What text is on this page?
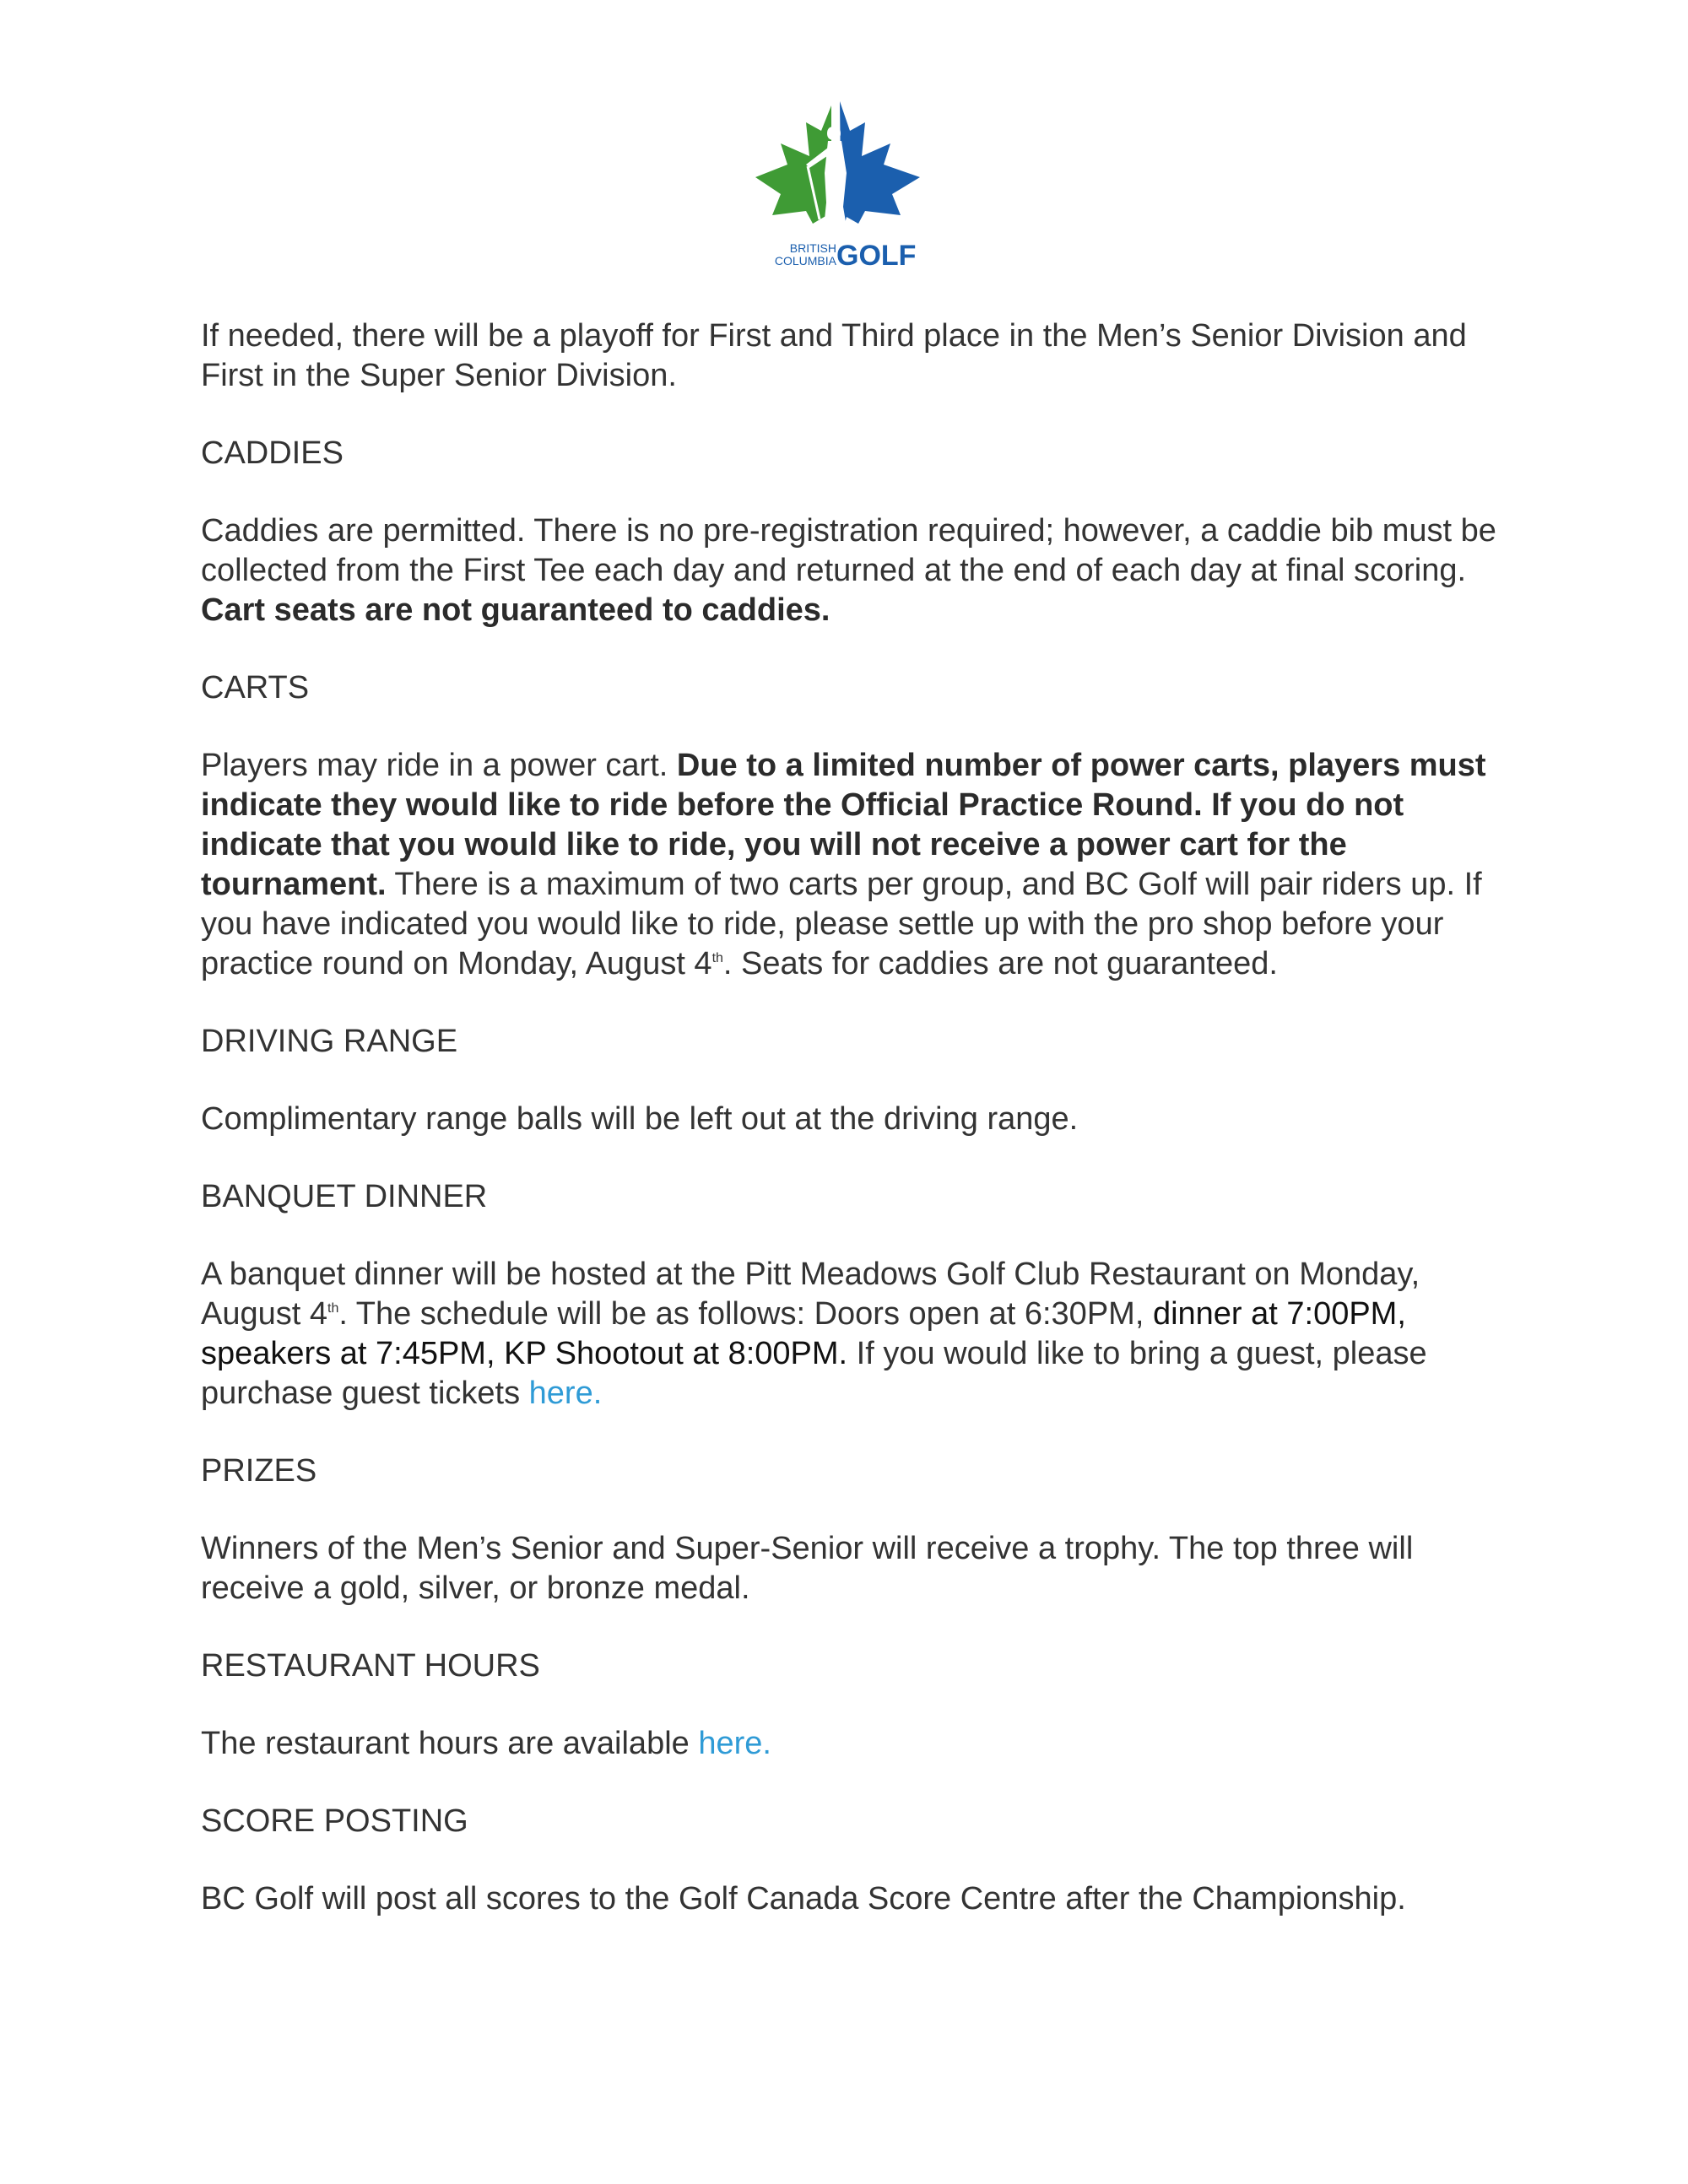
BRITISH
COLUMBIA GOLF

If needed, there will be a playoff for First and Third place in the Men’s Senior Division and First in the Super Senior Division.

CADDIES

Caddies are permitted. There is no pre-registration required; however, a caddie bib must be collected from the First Tee each day and returned at the end of each day at final scoring. Cart seats are not guaranteed to caddies.

CARTS

Players may ride in a power cart. Due to a limited number of power carts, players must indicate they would like to ride before the Official Practice Round. If you do not indicate that you would like to ride, you will not receive a power cart for the tournament. There is a maximum of two carts per group, and BC Golf will pair riders up. If you have indicated you would like to ride, please settle up with the pro shop before your practice round on Monday, August 4th. Seats for caddies are not guaranteed.

DRIVING RANGE

Complimentary range balls will be left out at the driving range.

BANQUET DINNER

A banquet dinner will be hosted at the Pitt Meadows Golf Club Restaurant on Monday, August 4th. The schedule will be as follows: Doors open at 6:30PM, dinner at 7:00PM, speakers at 7:45PM, KP Shootout at 8:00PM. If you would like to bring a guest, please purchase guest tickets here.

PRIZES

Winners of the Men’s Senior and Super-Senior will receive a trophy. The top three will receive a gold, silver, or bronze medal.

RESTAURANT HOURS

The restaurant hours are available here.

SCORE POSTING

BC Golf will post all scores to the Golf Canada Score Centre after the Championship.
